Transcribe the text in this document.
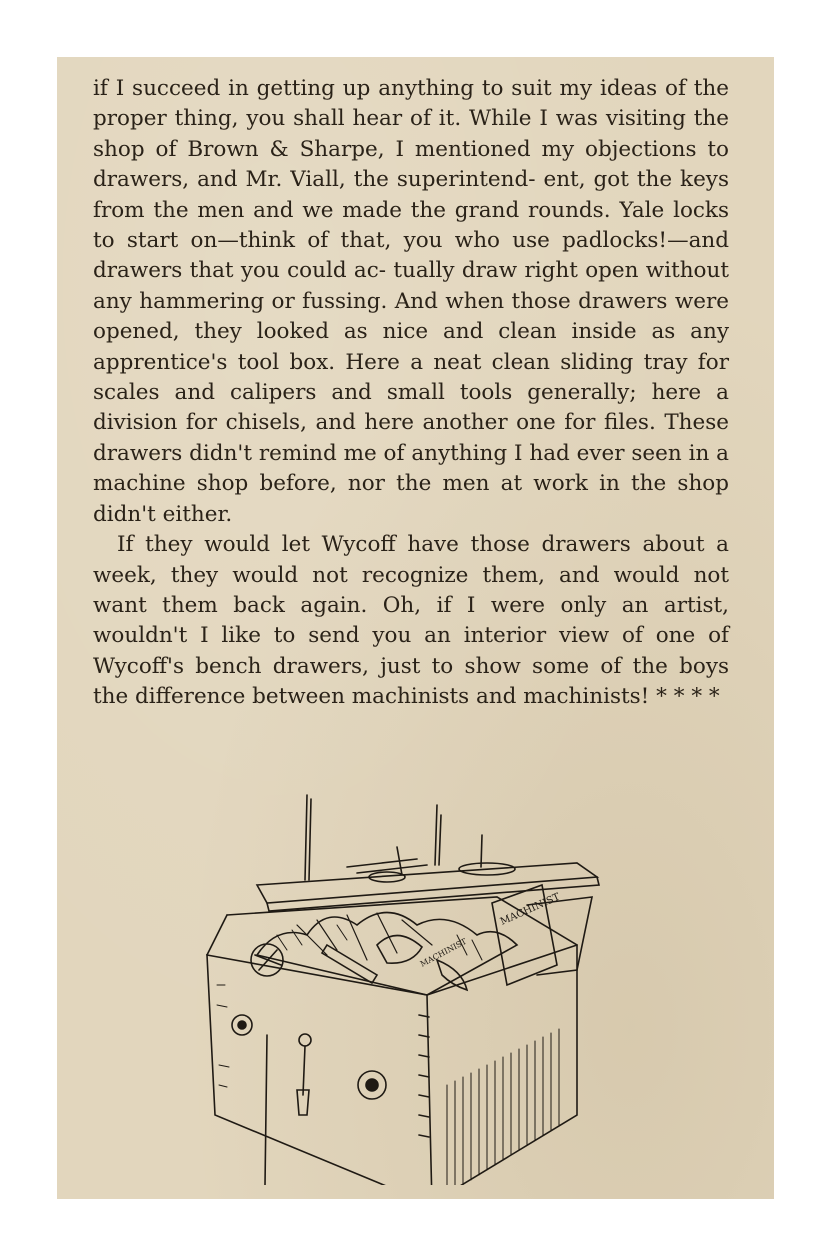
if I succeed in getting up anything to suit my ideas of the proper thing, you shall hear of it. While I was visiting the shop of Brown & Sharpe, I mentioned my objections to drawers, and Mr. Viall, the superintend- ent, got the keys from the men and we made the grand rounds. Yale locks to start on—think of that, you who use padlocks!—and drawers that you could ac- tually draw right open without any hammering or fussing. And when those drawers were opened, they looked as nice and clean inside as any apprentice's tool box. Here a neat clean sliding tray for scales and calipers and small tools generally; here a division for chisels, and here another one for files. These drawers didn't remind me of anything I had ever seen in a machine shop before, nor the men at work in the shop didn't either.

If they would let Wycoff have those drawers about a week, they would not recognize them, and would not want them back again. Oh, if I were only an artist, wouldn't I like to send you an interior view of one of Wycoff's bench drawers, just to show some of the boys the difference between machinists and machinists! * * * *

MACHINIST
MACHINIST
